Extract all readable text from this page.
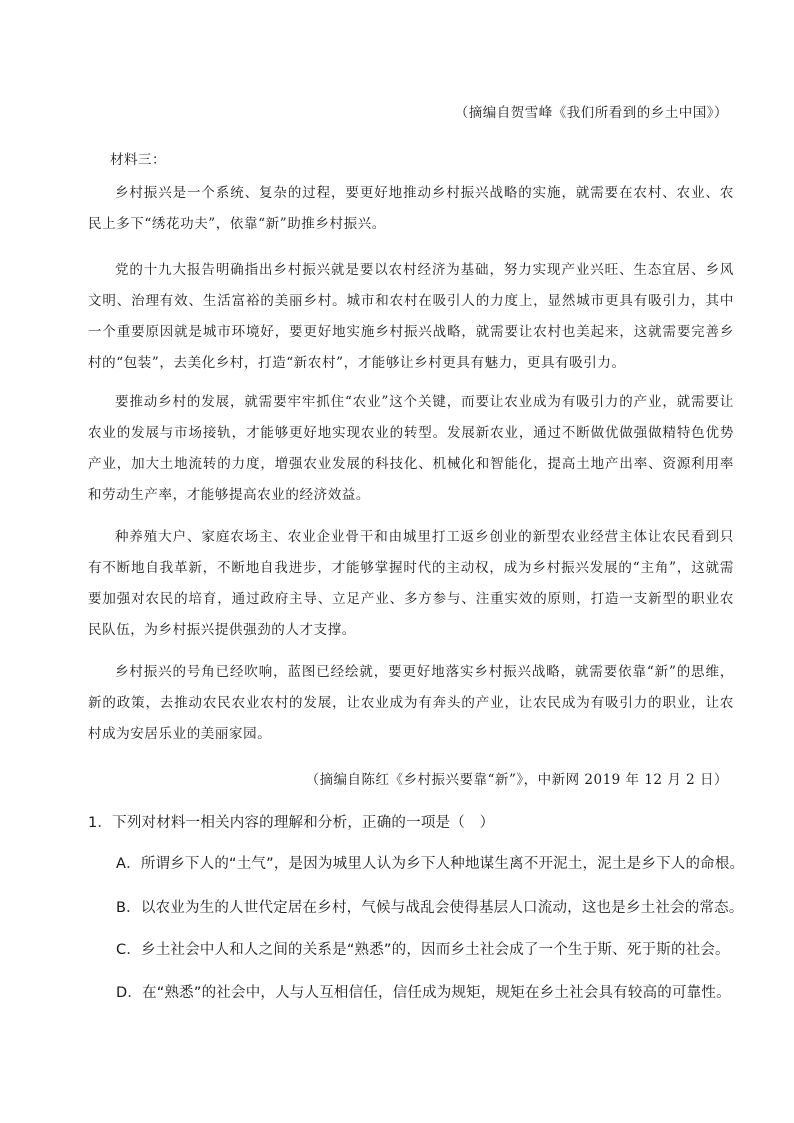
（摘编自贺雪峰《我们所看到的乡土中国》）
材料三：

乡村振兴是一个系统、复杂的过程，要更好地推动乡村振兴战略的实施，就需要在农村、农业、农民上多下“绣花功夫”，依靠“新”助推乡村振兴。

党的十九大报告明确指出乡村振兴就是要以农村经济为基础，努力实现产业兴旺、生态宜居、乡风文明、治理有效、生活富裕的美丽乡村。城市和农村在吸引人的力度上，显然城市更具有吸引力，其中一个重要原因就是城市环境好，要更好地实施乡村振兴战略，就需要让农村也美起来，这就需要完善乡村的“包装”，去美化乡村，打造“新农村”，才能够让乡村更具有魅力，更具有吸引力。

要推动乡村的发展，就需要牢牢抓住“农业”这个关键，而要让农业成为有吸引力的产业，就需要让农业的发展与市场接轨，才能够更好地实现农业的转型。发展新农业，通过不断做优做强做精特色优势产业，加大土地流转的力度，增强农业发展的科技化、机械化和智能化，提高土地产出率、资源利用率和劳动生产率，才能够提高农业的经济效益。

种养殖大户、家庭农场主、农业企业骨干和由城里打工返乡创业的新型农业经营主体让农民看到只有不断地自我革新，不断地自我进步，才能够掌握时代的主动权，成为乡村振兴发展的“主角”，这就需要加强对农民的培育，通过政府主导、立足产业、多方参与、注重实效的原则，打造一支新型的职业农民队伍，为乡村振兴提供强劲的人才支撑。

乡村振兴的号角已经吹响，蓝图已经绘就，要更好地落实乡村振兴战略，就需要依靠“新”的思维，新的政策，去推动农民农业农村的发展，让农业成为有奔头的产业，让农民成为有吸引力的职业，让农村成为安居乐业的美丽家园。

（摘编自陈红《乡村振兴要靠“新”》，中新网 2019 年 12 月 2 日）
1．下列对材料一相关内容的理解和分析，正确的一项是（　）
A．所谓乡下人的“土气”，是因为城里人认为乡下人种地谋生离不开泥土，泥土是乡下人的命根。
B．以农业为生的人世代定居在乡村，气候与战乱会使得基层人口流动，这也是乡土社会的常态。
C．乡土社会中人和人之间的关系是“熟悉”的，因而乡土社会成了一个生于斯、死于斯的社会。
D．在“熟悉”的社会中，人与人互相信任，信任成为规矩，规矩在乡土社会具有较高的可靠性。
